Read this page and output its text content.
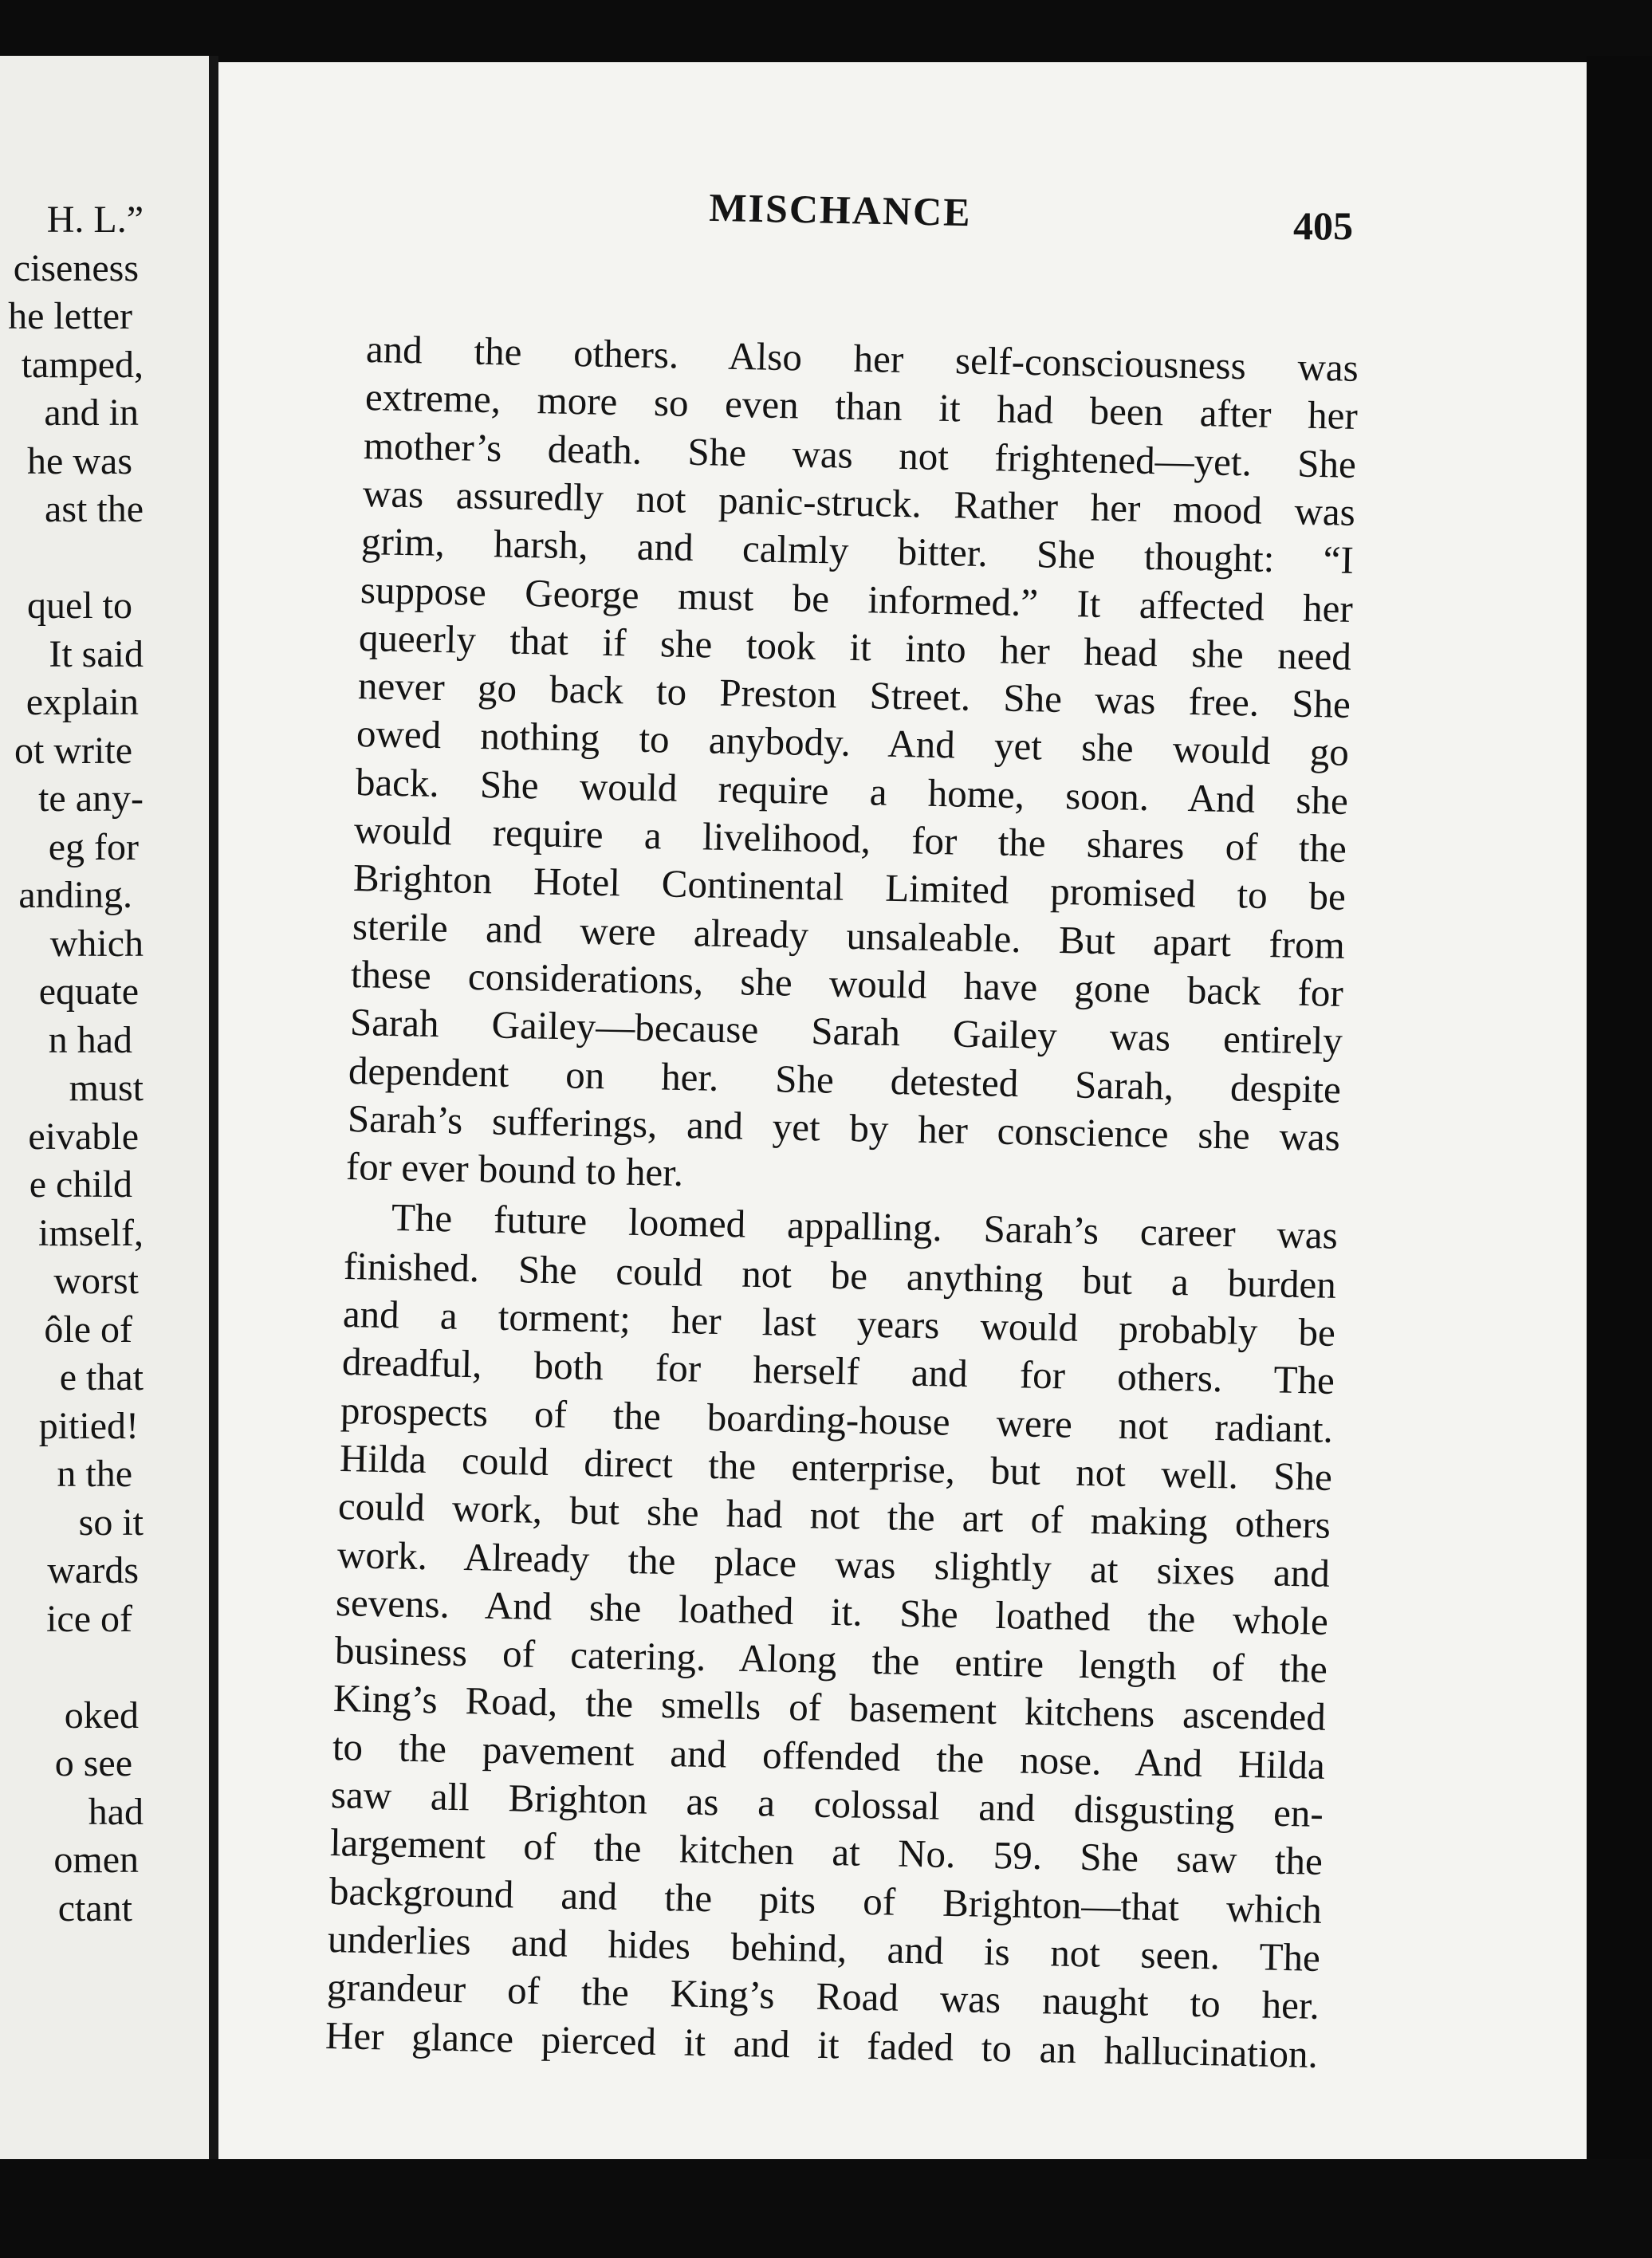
H. L.”
ciseness
he letter
tamped,
and in
he was
ast the
quel to
It said
explain
ot write
te any-
eg for
anding.
which
equate
n had
must
eivable
e child
imself,
worst
ôle of
e that
pitied!
n the
so it
wards
ice of
oked
o see
had
omen
ctant
MISCHANCE	405
and the others. Also her self-consciousness was
extreme, more so even than it had been after her
mother’s death. She was not frightened—yet. She
was assuredly not panic-struck. Rather her mood was
grim, harsh, and calmly bitter. She thought: “I
suppose George must be informed.” It affected her
queerly that if she took it into her head she need
never go back to Preston Street. She was free. She
owed nothing to anybody. And yet she would go
back. She would require a home, soon. And she
would require a livelihood, for the shares of the
Brighton Hotel Continental Limited promised to be
sterile and were already unsaleable. But apart from
these considerations, she would have gone back for
Sarah Gailey—because Sarah Gailey was entirely
dependent on her. She detested Sarah, despite
Sarah’s sufferings, and yet by her conscience she was
for ever bound to her.
The future loomed appalling. Sarah’s career was
finished. She could not be anything but a burden
and a torment; her last years would probably be
dreadful, both for herself and for others. The
prospects of the boarding-house were not radiant.
Hilda could direct the enterprise, but not well. She
could work, but she had not the art of making others
work. Already the place was slightly at sixes and
sevens. And she loathed it. She loathed the whole
business of catering. Along the entire length of the
King’s Road, the smells of basement kitchens ascended
to the pavement and offended the nose. And Hilda
saw all Brighton as a colossal and disgusting en-
largement of the kitchen at No. 59. She saw the
background and the pits of Brighton—that which
underlies and hides behind, and is not seen. The
grandeur of the King’s Road was naught to her.
Her glance pierced it and it faded to an hallucination.
